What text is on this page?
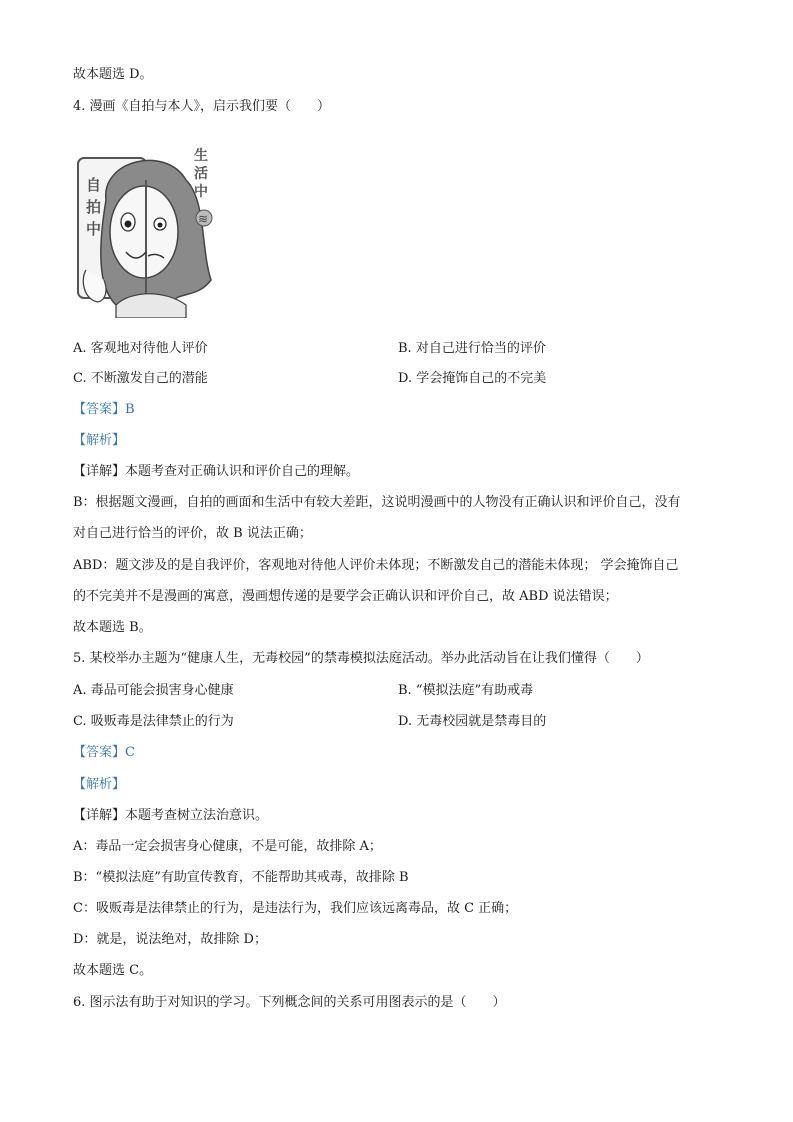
故本题选 D。
4. 漫画《自拍与本人》，启示我们要（　　）
≋
自
拍
中
生
活
中
A. 客观地对待他人评价	B. 对自己进行恰当的评价
C. 不断激发自己的潜能	D. 学会掩饰自己的不完美
【答案】B
【解析】
【详解】本题考查对正确认识和评价自己的理解。
B：根据题文漫画，自拍的画面和生活中有较大差距，这说明漫画中的人物没有正确认识和评价自己，没有
对自己进行恰当的评价，故 B 说法正确；
ABD：题文涉及的是自我评价，客观地对待他人评价未体现；不断激发自己的潜能未体现； 学会掩饰自己
的不完美并不是漫画的寓意，漫画想传递的是要学会正确认识和评价自己，故 ABD 说法错误；
故本题选 B。
5. 某校举办主题为“健康人生，无毒校园”的禁毒模拟法庭活动。举办此活动旨在让我们懂得（　　）
A. 毒品可能会损害身心健康	B. “模拟法庭”有助戒毒
C. 吸贩毒是法律禁止的行为	D. 无毒校园就是禁毒目的
【答案】C
【解析】
【详解】本题考查树立法治意识。
A：毒品一定会损害身心健康，不是可能，故排除 A；
B：“模拟法庭”有助宣传教育，不能帮助其戒毒，故排除 B
C：吸贩毒是法律禁止的行为，是违法行为，我们应该远离毒品，故 C 正确；
D：就是，说法绝对，故排除 D；
故本题选 C。
6. 图示法有助于对知识的学习。下列概念间的关系可用图表示的是（　　）
